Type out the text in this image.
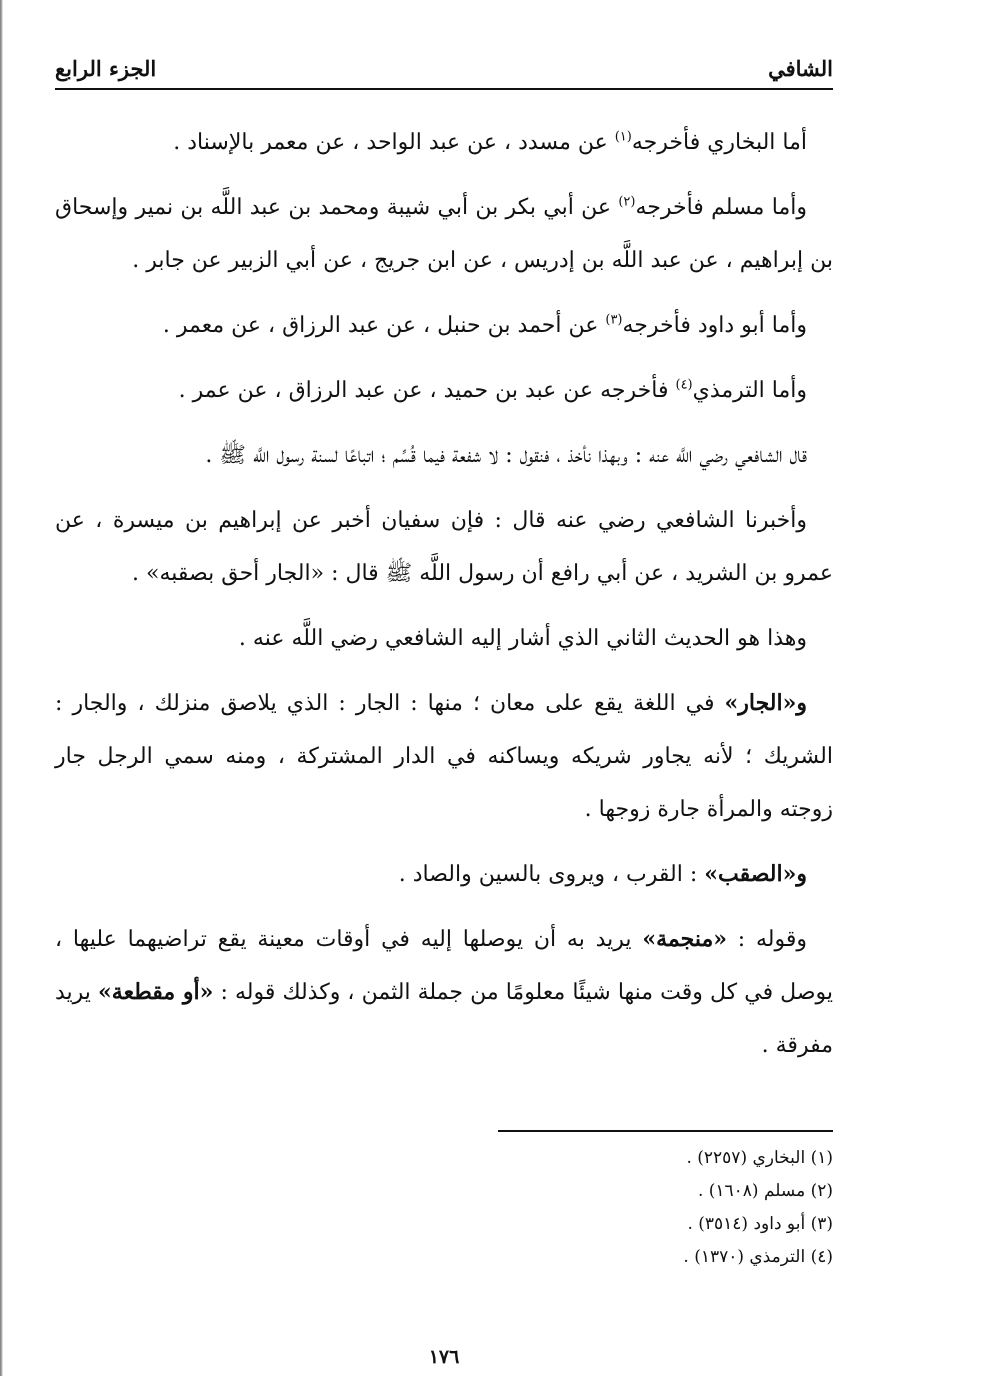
الشافي
الجزء الرابع

أما البخاري فأخرجه$^{(١)}$ عن مسدد ، عن عبد الواحد ، عن معمر بالإسناد .

وأما مسلم فأخرجه$^{(٢)}$ عن أبي بكر بن أبي شيبة ومحمد بن عبد اللَّه بن نمير وإسحاق بن إبراهيم ، عن عبد اللَّه بن إدريس ، عن ابن جريج ، عن أبي الزبير عن جابر .

وأما أبو داود فأخرجه$^{(٣)}$ عن أحمد بن حنبل ، عن عبد الرزاق ، عن معمر .

وأما الترمذي$^{(٤)}$ فأخرجه عن عبد بن حميد ، عن عبد الرزاق ، عن عمر .

قال الشافعي رضي اللَّه عنه : وبهذا نأخذ ، فنقول : لا شفعة فيما قُسِّم ؛ اتباعًا لسنة رسول اللَّه ﷺ .

وأخبرنا الشافعي رضي عنه قال : فإن سفيان أخبر عن إبراهيم بن ميسرة ، عن عمرو بن الشريد ، عن أبي رافع أن رسول اللَّه ﷺ قال : «الجار أحق بصقبه» .

وهذا هو الحديث الثاني الذي أشار إليه الشافعي رضي اللَّه عنه .

و«الجار» في اللغة يقع على معان ؛ منها : الجار : الذي يلاصق منزلك ، والجار : الشريك ؛ لأنه يجاور شريكه ويساكنه في الدار المشتركة ، ومنه سمي الرجل جار زوجته والمرأة جارة زوجها .

و«الصقب» : القرب ، ويروى بالسين والصاد .

وقوله : «منجمة» يريد به أن يوصلها إليه في أوقات معينة يقع تراضيهما عليها ، يوصل في كل وقت منها شيئًا معلومًا من جملة الثمن ، وكذلك قوله : «أو مقطعة» يريد مفرقة .

(١) البخاري (٢٢٥٧) .

(٢) مسلم (١٦٠٨) .

(٣) أبو داود (٣٥١٤) .

(٤) الترمذي (١٣٧٠) .

١٧٦
